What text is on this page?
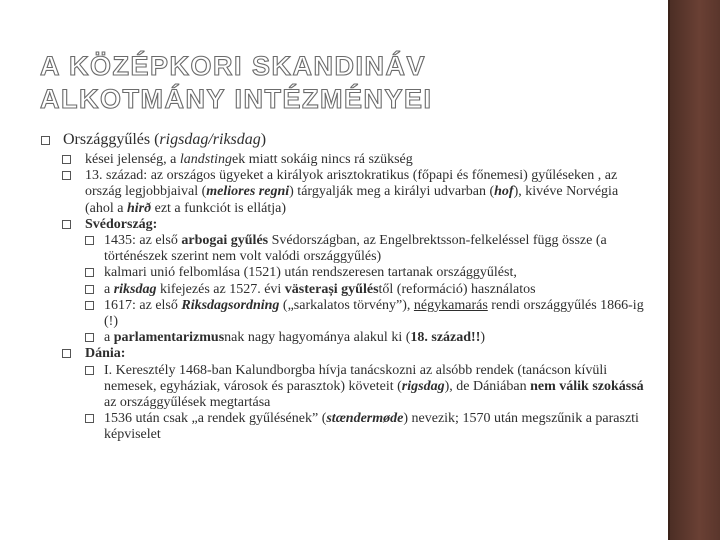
A KÖZÉPKORI SKANDINÁV
ALKOTMÁNY INTÉZMÉNYEI
Országgyűlés (rigsdag/riksdag)
kései jelenség, a landstingek miatt sokáig nincs rá szükség
13. század: az országos ügyeket a királyok arisztokratikus (főpapi és főnemesi) gyűléseken , az ország legjobbjaival (meliores regni) tárgyalják meg a királyi udvarban (hof), kivéve Norvégia (ahol a hirð ezt a funkciót is ellátja)
Svédország:
1435: az első arbogai gyűlés Svédországban, az Engelbrektsson-felkeléssel függ össze (a történészek szerint nem volt valódi országgyűlés)
kalmari unió felbomlása (1521) után rendszeresen tartanak országgyűlést,
a riksdag kifejezés az 1527. évi västerași gyűléstől (reformáció) használatos
1617: az első Riksdagsordning („sarkalatos törvény”), négykamarás rendi országgyűlés 1866-ig (!)
a parlamentarizmusnak nagy hagyománya alakul ki (18. század!!)
Dánia:
I. Keresztély 1468-ban Kalundborgba hívja tanácskozni az alsóbb rendek (tanácson kívüli nemesek, egyháziak, városok és parasztok) követeit (rigsdag), de Dániában nem válik szokássá az országgyűlések megtartása
1536 után csak „a rendek gyűlésének” (stændermøde) nevezik; 1570 után megszűnik a paraszti képviselet
